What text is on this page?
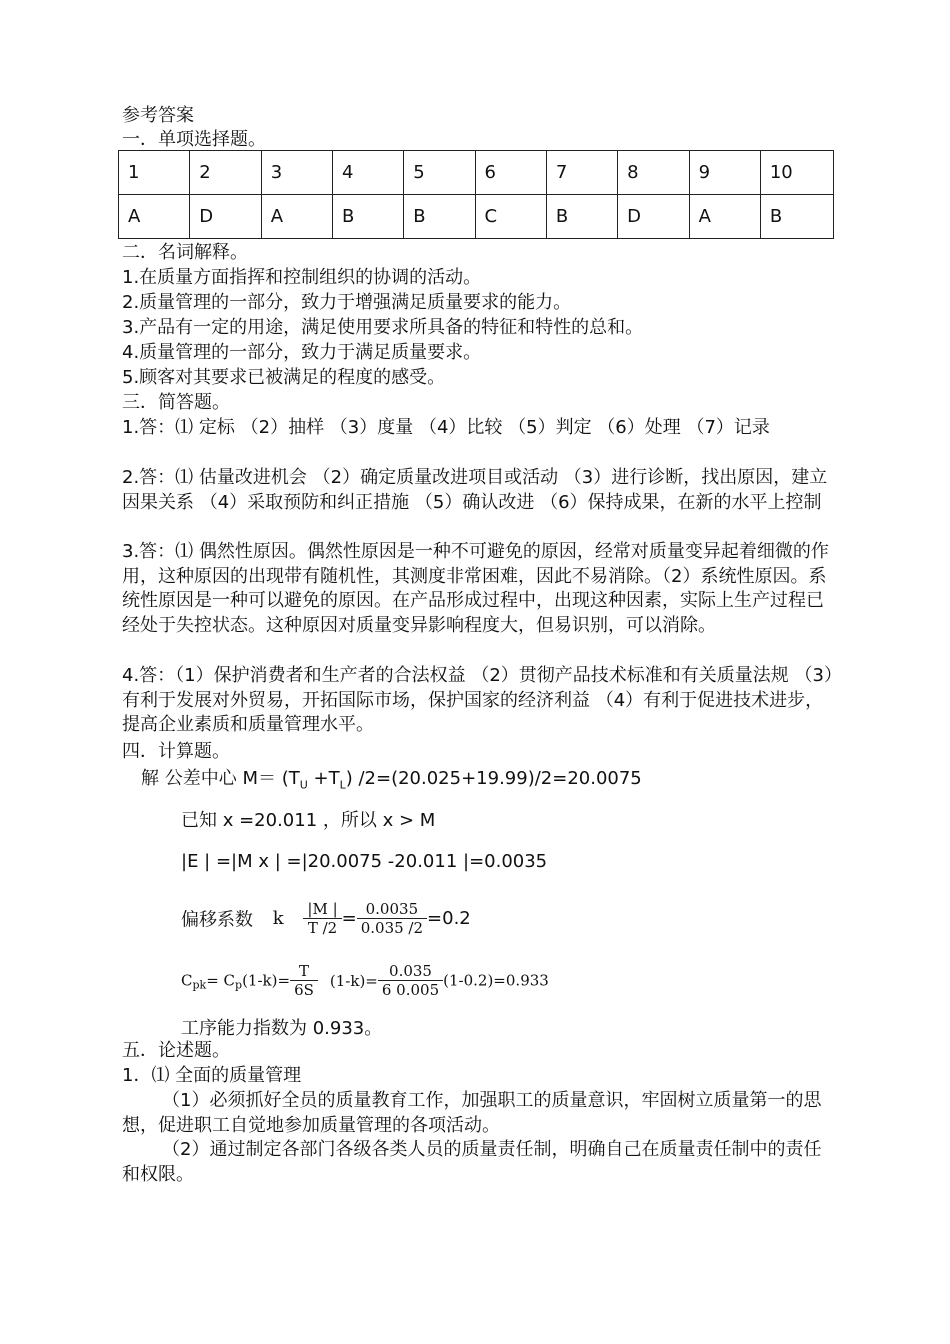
参考答案
一．单项选择题。
1	2	3	4	5	6	7	8	9	10
A	D	A	B	B	C	B	D	A	B
二．名词解释。
1.在质量方面指挥和控制组织的协调的活动。
2.质量管理的一部分，致力于增强满足质量要求的能力。
3.产品有一定的用途，满足使用要求所具备的特征和特性的总和。
4.质量管理的一部分，致力于满足质量要求。
5.顾客对其要求已被满足的程度的感受。
三．简答题。
1.答：⑴ 定标 （2）抽样 （3）度量 （4）比较 （5）判定 （6）处理 （7）记录
2.答：⑴ 估量改进机会 （2）确定质量改进项目或活动 （3）进行诊断，找出原因，建立因果关系 （4）采取预防和纠正措施 （5）确认改进 （6）保持成果，在新的水平上控制
3.答：⑴ 偶然性原因。偶然性原因是一种不可避免的原因，经常对质量变异起着细微的作用，这种原因的出现带有随机性，其测度非常困难，因此不易消除。（2）系统性原因。系统性原因是一种可以避免的原因。在产品形成过程中，出现这种因素，实际上生产过程已经处于失控状态。这种原因对质量变异影响程度大，但易识别，可以消除。
4.答：（1）保护消费者和生产者的合法权益 （2）贯彻产品技术标准和有关质量法规 （3）有利于发展对外贸易，开拓国际市场，保护国家的经济利益 （4）有利于促进技术进步，提高企业素质和质量管理水平。
四．计算题。
解 公差中心 $M= (T_U +T_L)$ /2=(20.025+19.99)/2=20.0075
已知 x =20.011 ，所以 x > M
|E | =|M x | =|20.0075 -20.011 |=0.0035
偏移系数 k $\frac{|M |}{T /2} = \frac{0.0035}{0.035 /2} =0.2$
$C_{pk}= C_p(1-k)= \frac{T}{6S} (1-k)= \frac{0.035}{6 0.005} (1-0.2)=0.933$
工序能力指数为 0.933。
五．论述题。
1．⑴ 全面的质量管理
（1）必须抓好全员的质量教育工作，加强职工的质量意识，牢固树立质量第一的思想，促进职工自觉地参加质量管理的各项活动。
（2）通过制定各部门各级各类人员的质量责任制，明确自己在质量责任制中的责任和权限。
